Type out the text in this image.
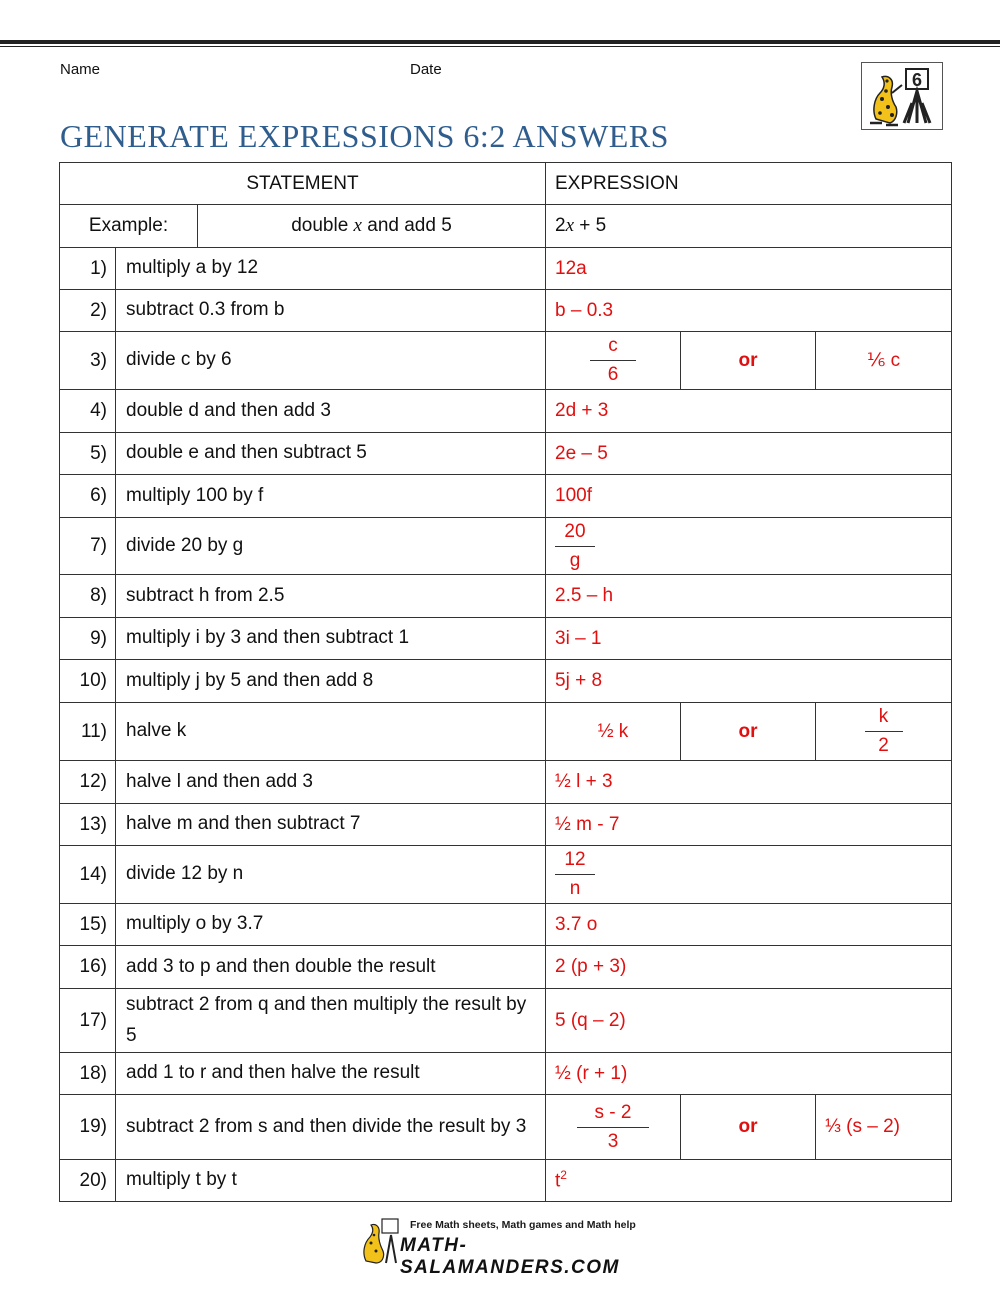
Name	Date
6
GENERATE EXPRESSIONS 6:2 ANSWERS
STATEMENT			EXPRESSION		
Example:		double x and add 5	2x + 5		
1)	multiply a by 12		12a		
2)	subtract 0.3 from b		b – 0.3		
3)	divide c by 6		$\frac{c}{6}$	or	⅙ c
4)	double d and then add 3		2d + 3		
5)	double e and then subtract 5		2e – 5		
6)	multiply 100 by f		100f		
7)	divide 20 by g		$\frac{20}{g}$

8)	subtract h from 2.5		2.5 – h		
9)	multiply i by 3 and then subtract 1		3i – 1		
10)	multiply j by 5 and then add 8		5j + 8		
11)	halve k		½ k	or	$\frac{k}{2}$

12)	halve l and then add 3		½ l + 3		
13)	halve m and then subtract 7		½ m - 7		
14)	divide 12 by n		$\frac{12}{n}$

15)	multiply o by 3.7		3.7 o		
16)	add 3 to p and then double the result		2 (p + 3)		
17)	subtract 2 from q and then multiply the result by 5		5 (q – 2)		
18)	add 1 to r and then halve the result		½ (r + 1)		
19)	subtract 2 from s and then divide the result by 3		$\frac{s - 2}{3}$	or	⅓ (s – 2)
20)	multiply t by t		$t^2$
Free Math sheets, Math games and Math help
MATH-SALAMANDERS.COM
